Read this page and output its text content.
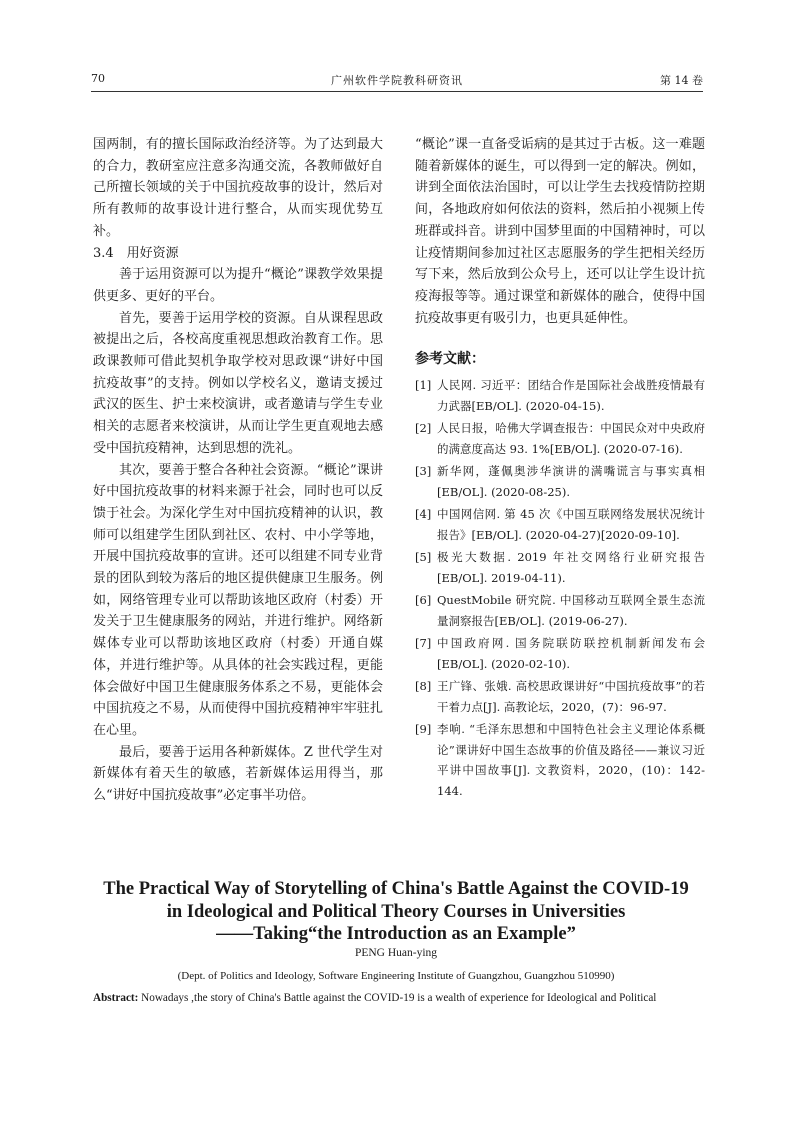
70	广州软件学院教科研资讯	第 14 卷

国两制，有的擅长国际政治经济等。为了达到最大的合力，教研室应注意多沟通交流，各教师做好自己所擅长领域的关于中国抗疫故事的设计，然后对所有教师的故事设计进行整合，从而实现优势互补。

3.4　用好资源

善于运用资源可以为提升“概论”课教学效果提供更多、更好的平台。

首先，要善于运用学校的资源。自从课程思政被提出之后，各校高度重视思想政治教育工作。思政课教师可借此契机争取学校对思政课“讲好中国抗疫故事”的支持。例如以学校名义，邀请支援过武汉的医生、护士来校演讲，或者邀请与学生专业相关的志愿者来校演讲，从而让学生更直观地去感受中国抗疫精神，达到思想的洗礼。

其次，要善于整合各种社会资源。“概论”课讲好中国抗疫故事的材料来源于社会，同时也可以反馈于社会。为深化学生对中国抗疫精神的认识，教师可以组建学生团队到社区、农村、中小学等地，开展中国抗疫故事的宣讲。还可以组建不同专业背景的团队到较为落后的地区提供健康卫生服务。例如，网络管理专业可以帮助该地区政府（村委）开发关于卫生健康服务的网站，并进行维护。网络新媒体专业可以帮助该地区政府（村委）开通自媒体，并进行维护等。从具体的社会实践过程，更能体会做好中国卫生健康服务体系之不易，更能体会中国抗疫之不易，从而使得中国抗疫精神牢牢驻扎在心里。

最后，要善于运用各种新媒体。Z 世代学生对新媒体有着天生的敏感，若新媒体运用得当，那么“讲好中国抗疫故事”必定事半功倍。

“概论”课一直备受诟病的是其过于古板。这一难题随着新媒体的诞生，可以得到一定的解决。例如，讲到全面依法治国时，可以让学生去找疫情防控期间，各地政府如何依法的资料，然后拍小视频上传班群或抖音。讲到中国梦里面的中国精神时，可以让疫情期间参加过社区志愿服务的学生把相关经历写下来，然后放到公众号上，还可以让学生设计抗疫海报等等。通过课堂和新媒体的融合，使得中国抗疫故事更有吸引力，也更具延伸性。

参考文献：
[1] 人民网. 习近平：团结合作是国际社会战胜疫情最有力武器[EB/OL]. (2020-04-15).
[2] 人民日报，哈佛大学调查报告：中国民众对中央政府的满意度高达 93. 1%[EB/OL]. (2020-07-16).
[3] 新华网，蓬佩奥涉华演讲的满嘴谎言与事实真相[EB/OL]. (2020-08-25).
[4] 中国网信网. 第 45 次《中国互联网络发展状况统计报告》[EB/OL]. (2020-04-27)[2020-09-10].
[5] 极光大数据. 2019 年社交网络行业研究报告[EB/OL]. 2019-04-11).
[6] QuestMobile 研究院. 中国移动互联网全景生态流量洞察报告[EB/OL]. (2019-06-27).
[7] 中国政府网. 国务院联防联控机制新闻发布会[EB/OL]. (2020-02-10).
[8] 王广锋、张娥. 高校思政课讲好“中国抗疫故事”的若干着力点[J]. 高教论坛，2020，(7)：96-97.
[9] 李响. “毛泽东思想和中国特色社会主义理论体系概论”课讲好中国生态故事的价值及路径——兼议习近平讲中国故事[J]. 文教资料，2020，(10)：142-144.
The Practical Way of Storytelling of China's Battle Against the COVID-19
in Ideological and Political Theory Courses in Universities
——Taking“the Introduction as an Example”
PENG Huan-ying
(Dept. of Politics and Ideology, Software Engineering Institute of Guangzhou, Guangzhou 510990)
Abstract: Nowadays ,the story of China's Battle against the COVID-19 is a wealth of experience for Ideological and Political
